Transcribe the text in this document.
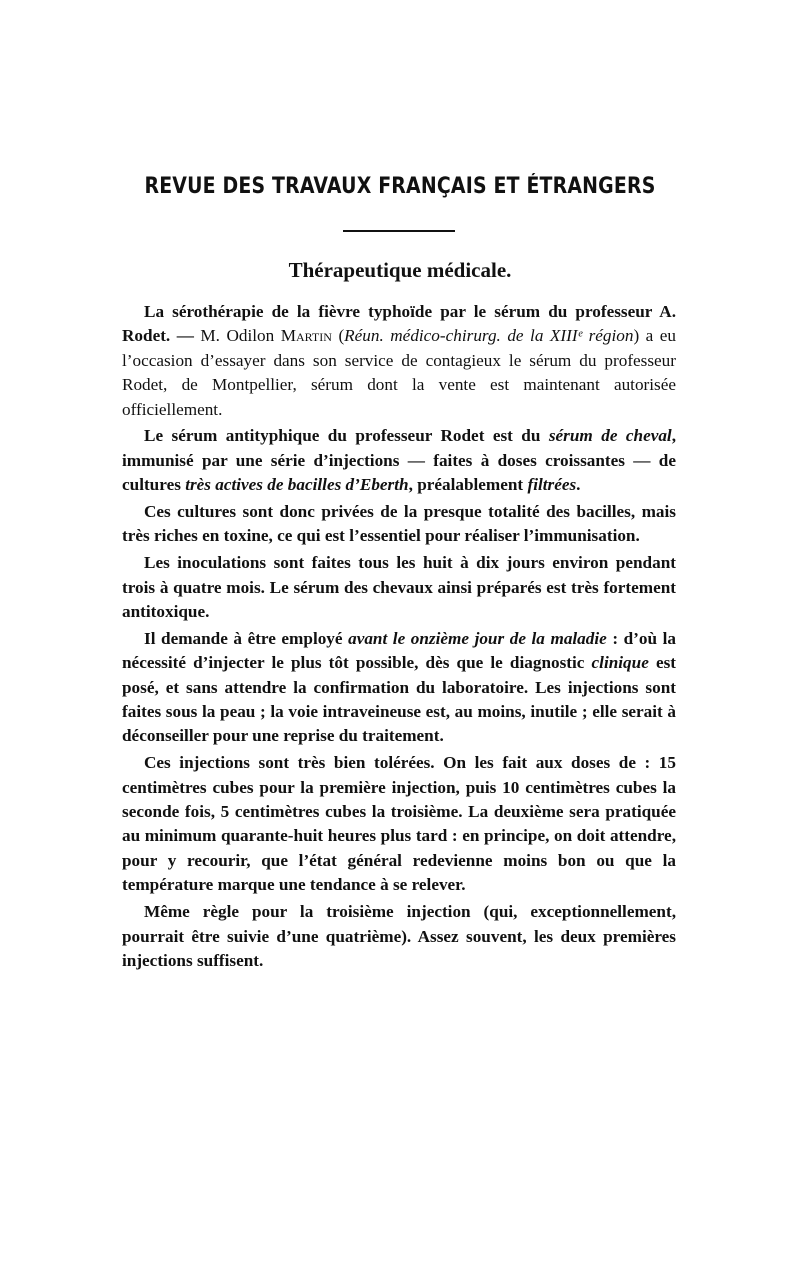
REVUE DES TRAVAUX FRANÇAIS ET ÉTRANGERS
Thérapeutique médicale.

La sérothérapie de la fièvre typhoïde par le sérum du professeur A. Rodet. — M. Odilon Martin (Réun. médico-chirurg. de la XIIIᵉ région) a eu l’occasion d’essayer dans son service de contagieux le sérum du professeur Rodet, de Montpellier, sérum dont la vente est maintenant autorisée officiellement.

Le sérum antityphique du professeur Rodet est du sérum de cheval, immunisé par une série d’injections — faites à doses croissantes — de cultures très actives de bacilles d’Eberth, préalablement filtrées.

Ces cultures sont donc privées de la presque totalité des bacilles, mais très riches en toxine, ce qui est l’essentiel pour réaliser l’immunisation.

Les inoculations sont faites tous les huit à dix jours environ pendant trois à quatre mois. Le sérum des chevaux ainsi préparés est très fortement antitoxique.

Il demande à être employé avant le onzième jour de la maladie : d’où la nécessité d’injecter le plus tôt possible, dès que le diagnostic clinique est posé, et sans attendre la confirmation du laboratoire. Les injections sont faites sous la peau ; la voie intraveineuse est, au moins, inutile ; elle serait à déconseiller pour une reprise du traitement.

Ces injections sont très bien tolérées. On les fait aux doses de : 15 centimètres cubes pour la première injection, puis 10 centimètres cubes la seconde fois, 5 centimètres cubes la troisième. La deuxième sera pratiquée au minimum quarante-huit heures plus tard : en principe, on doit attendre, pour y recourir, que l’état général redevienne moins bon ou que la température marque une tendance à se relever.

Même règle pour la troisième injection (qui, exceptionnellement, pourrait être suivie d’une quatrième). Assez souvent, les deux premières injections suffisent.
